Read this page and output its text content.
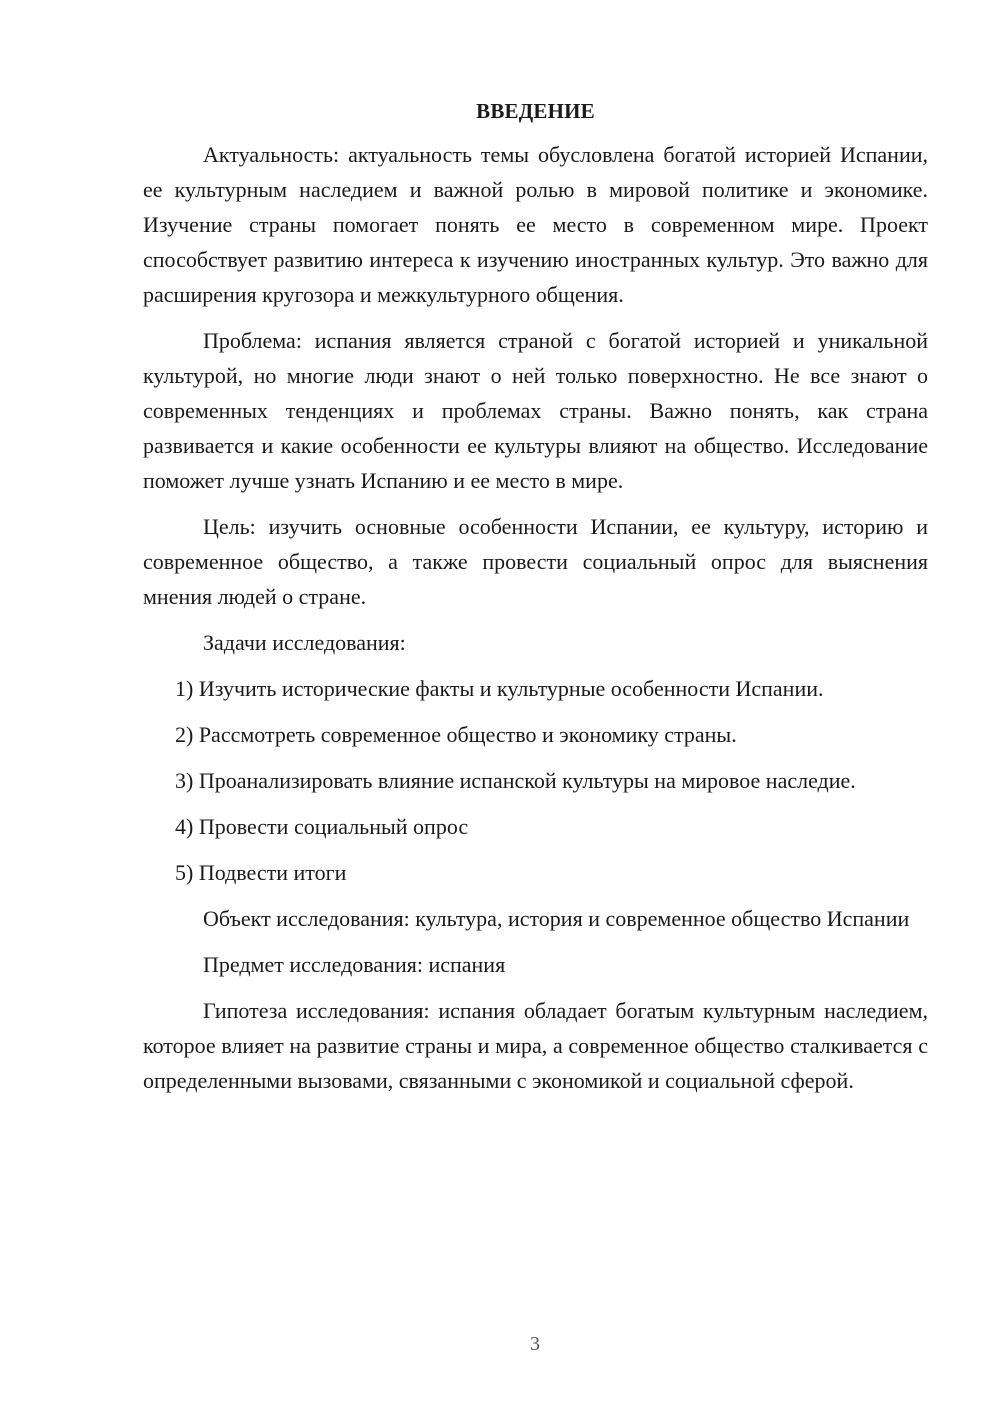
ВВЕДЕНИЕ

Актуальность: актуальность темы обусловлена богатой историей Испании, ее культурным наследием и важной ролью в мировой политике и экономике. Изучение страны помогает понять ее место в современном мире. Проект способствует развитию интереса к изучению иностранных культур. Это важно для расширения кругозора и межкультурного общения.

Проблема: испания является страной с богатой историей и уникальной культурой, но многие люди знают о ней только поверхностно. Не все знают о современных тенденциях и проблемах страны. Важно понять, как страна развивается и какие особенности ее культуры влияют на общество. Исследование поможет лучше узнать Испанию и ее место в мире.

Цель: изучить основные особенности Испании, ее культуру, историю и современное общество, а также провести социальный опрос для выяснения мнения людей о стране.

Задачи исследования:

1) Изучить исторические факты и культурные особенности Испании.

2) Рассмотреть современное общество и экономику страны.

3) Проанализировать влияние испанской культуры на мировое наследие.

4) Провести социальный опрос

5) Подвести итоги

Объект исследования: культура, история и современное общество Испании

Предмет исследования: испания

Гипотеза исследования: испания обладает богатым культурным наследием, которое влияет на развитие страны и мира, а современное общество сталкивается с определенными вызовами, связанными с экономикой и социальной сферой.

3
